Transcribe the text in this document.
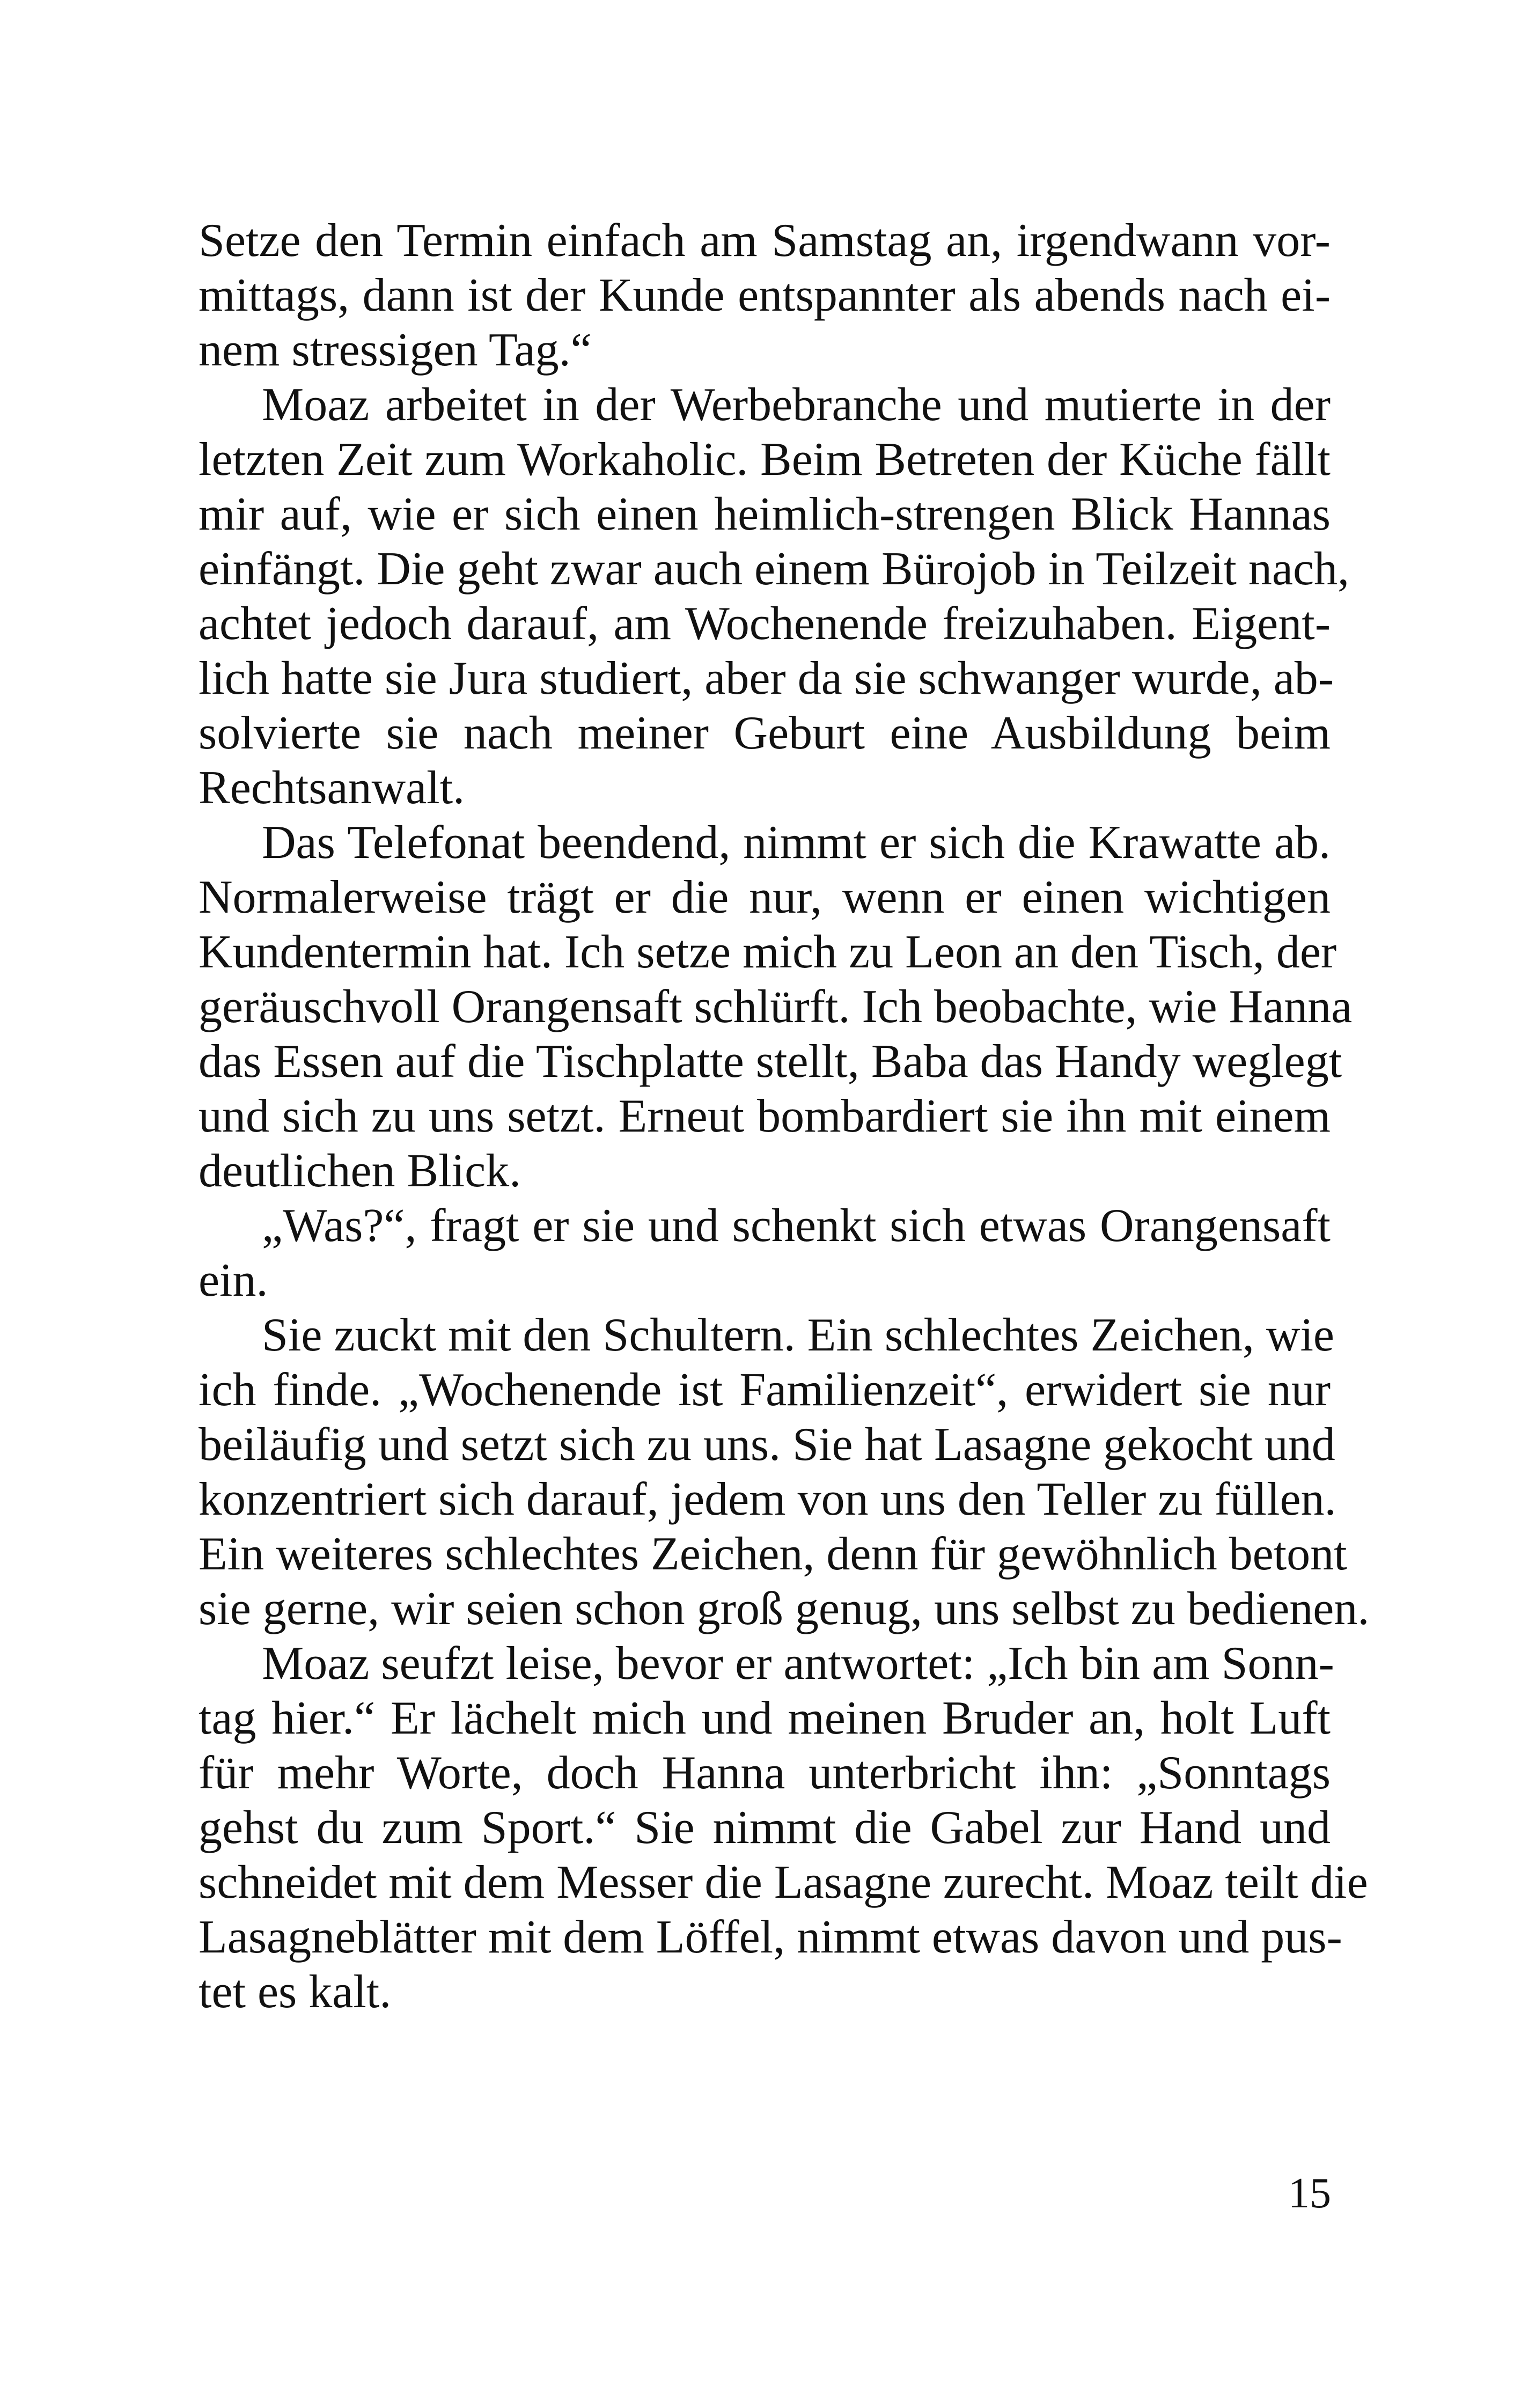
Setze den Termin einfach am Samstag an, irgendwann vor-
mittags, dann ist der Kunde entspannter als abends nach ei-
nem stressigen Tag.“
Moaz arbeitet in der Werbebranche und mutierte in der
letzten Zeit zum Workaholic. Beim Betreten der Küche fällt
mir auf, wie er sich einen heimlich-strengen Blick Hannas
einfängt. Die geht zwar auch einem Bürojob in Teilzeit nach,
achtet jedoch darauf, am Wochenende freizuhaben. Eigent-
lich hatte sie Jura studiert, aber da sie schwanger wurde, ab-
solvierte sie nach meiner Geburt eine Ausbildung beim
Rechtsanwalt.
Das Telefonat beendend, nimmt er sich die Krawatte ab.
Normalerweise trägt er die nur, wenn er einen wichtigen
Kundentermin hat. Ich setze mich zu Leon an den Tisch, der
geräuschvoll Orangensaft schlürft. Ich beobachte, wie Hanna
das Essen auf die Tischplatte stellt, Baba das Handy weglegt
und sich zu uns setzt. Erneut bombardiert sie ihn mit einem
deutlichen Blick.
„Was?“, fragt er sie und schenkt sich etwas Orangensaft
ein.
Sie zuckt mit den Schultern. Ein schlechtes Zeichen, wie
ich finde. „Wochenende ist Familienzeit“, erwidert sie nur
beiläufig und setzt sich zu uns. Sie hat Lasagne gekocht und
konzentriert sich darauf, jedem von uns den Teller zu füllen.
Ein weiteres schlechtes Zeichen, denn für gewöhnlich betont
sie gerne, wir seien schon groß genug, uns selbst zu bedienen.
Moaz seufzt leise, bevor er antwortet: „Ich bin am Sonn-
tag hier.“ Er lächelt mich und meinen Bruder an, holt Luft
für mehr Worte, doch Hanna unterbricht ihn: „Sonntags
gehst du zum Sport.“ Sie nimmt die Gabel zur Hand und
schneidet mit dem Messer die Lasagne zurecht. Moaz teilt die
Lasagneblätter mit dem Löffel, nimmt etwas davon und pus-
tet es kalt.
15
